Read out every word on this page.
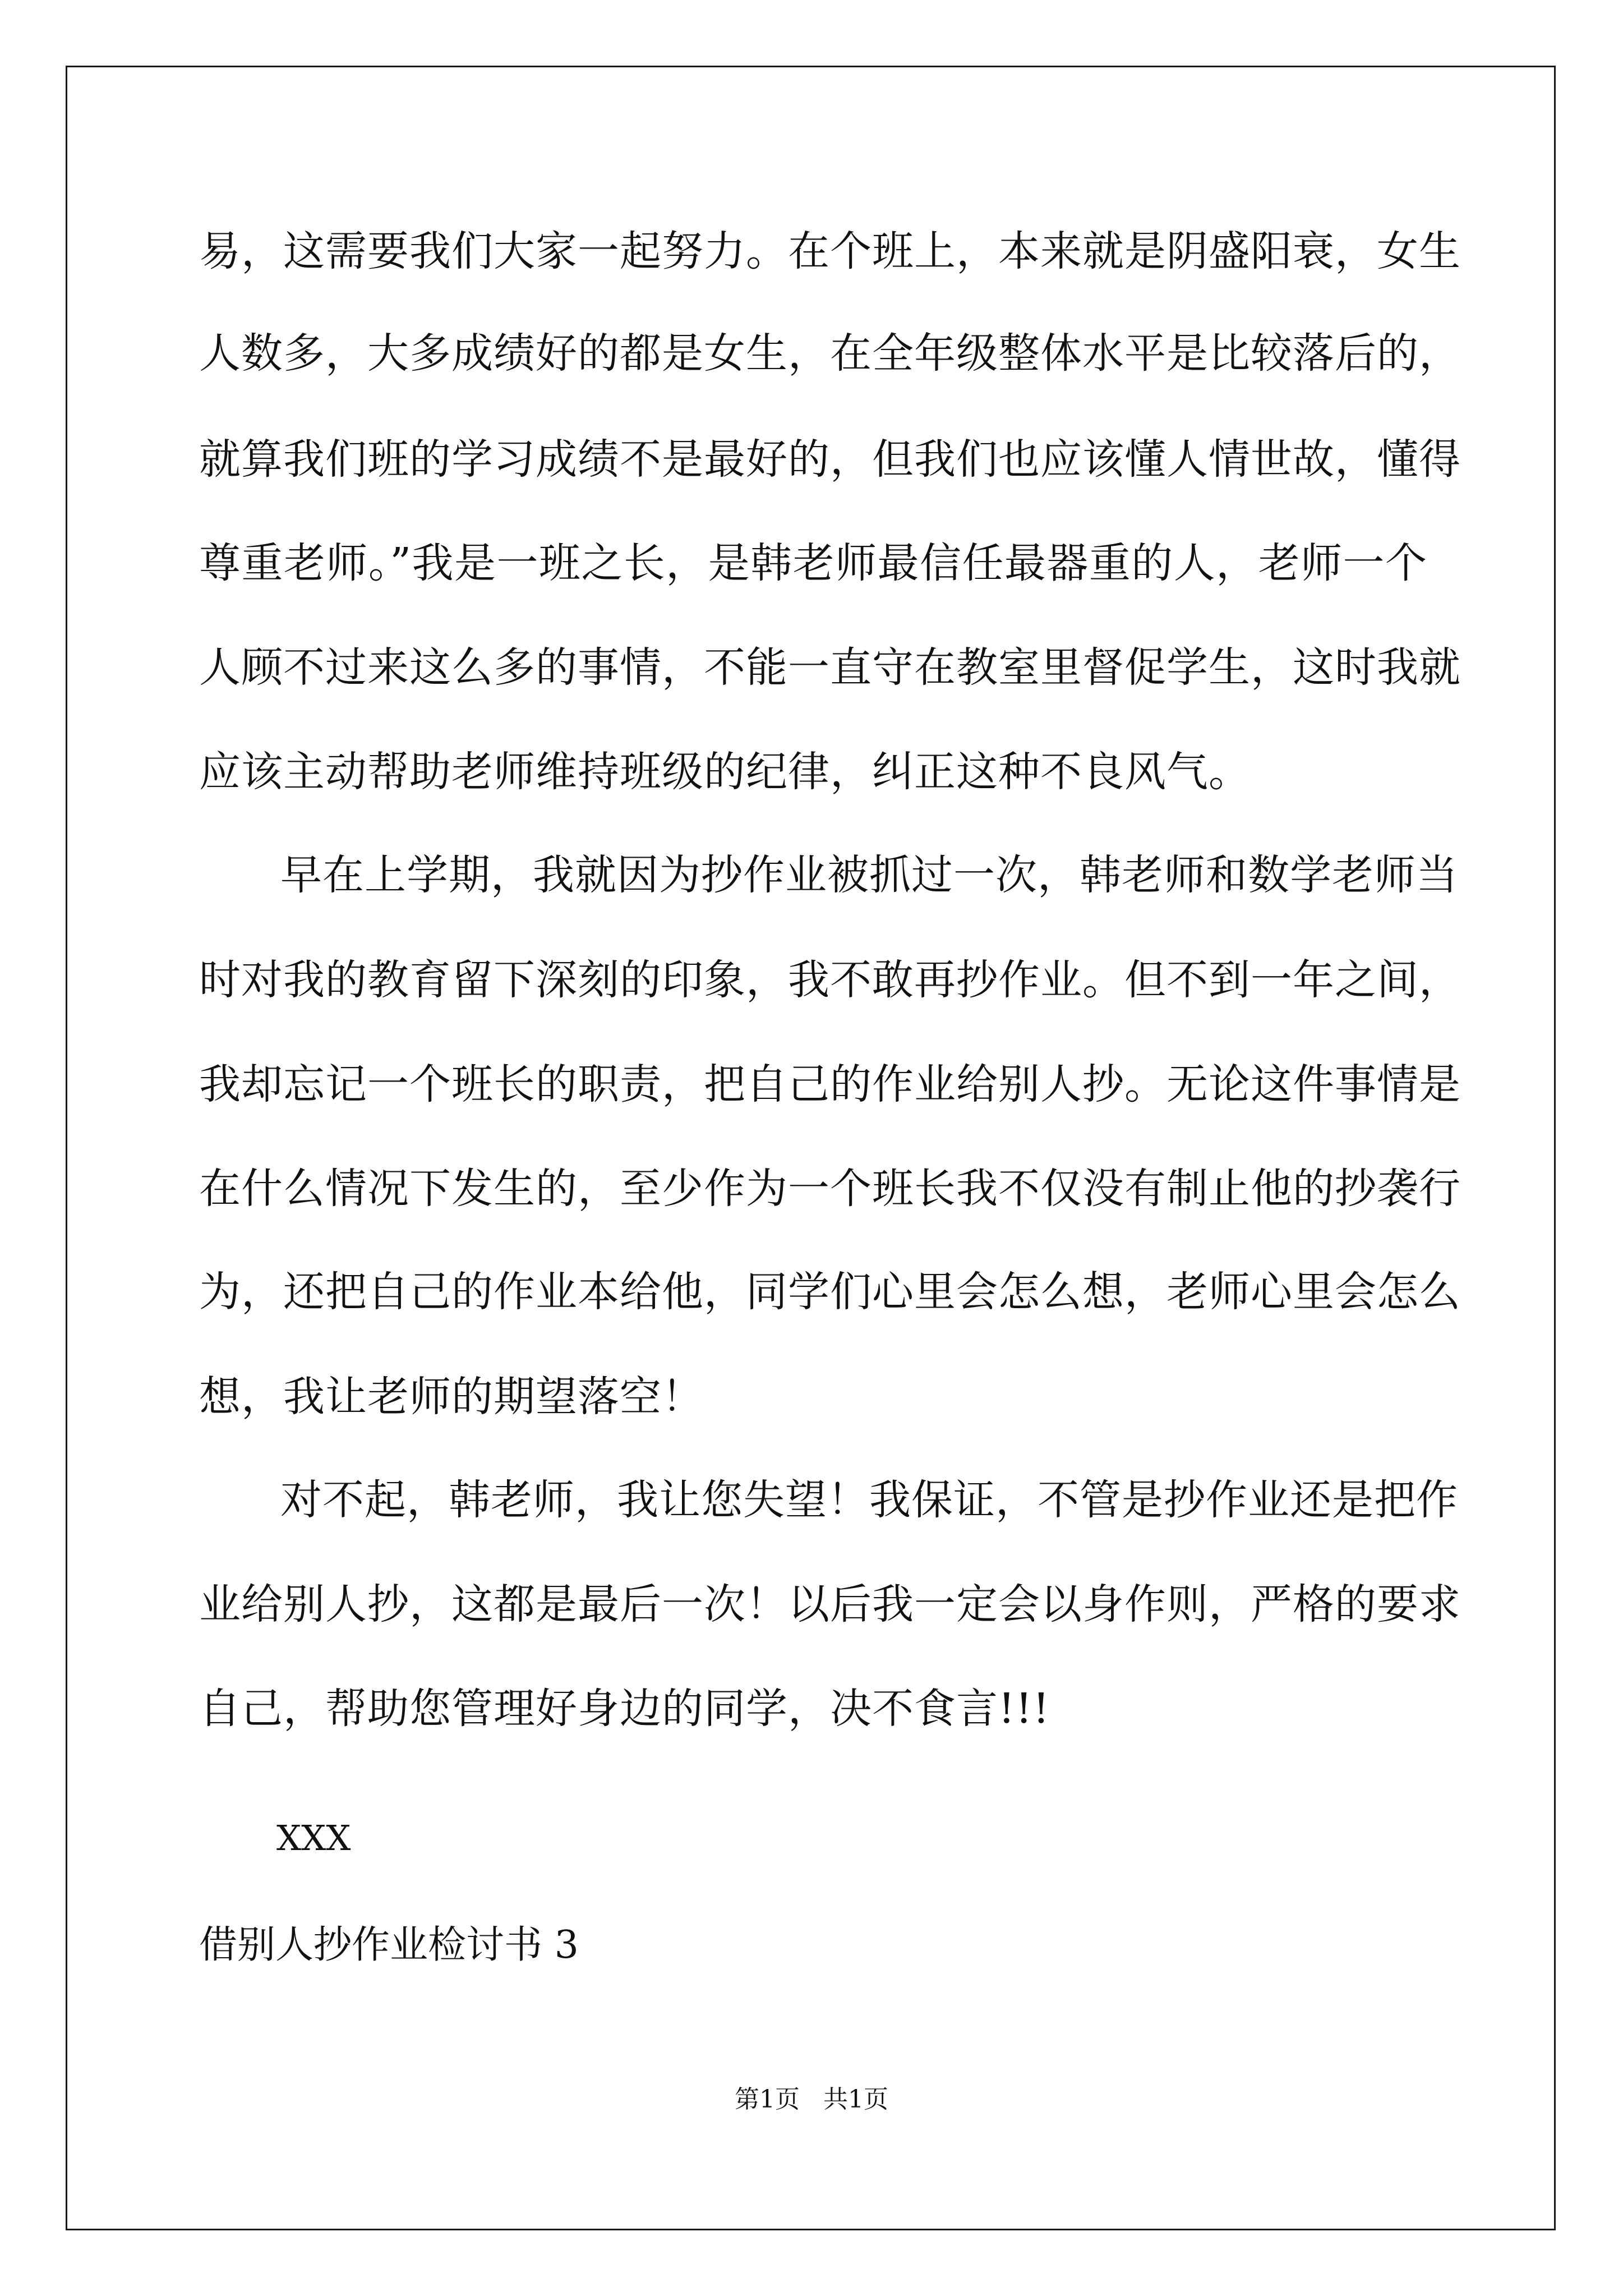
易，这需要我们大家一起努力。在个班上，本来就是阴盛阳衰，女生
人数多，大多成绩好的都是女生，在全年级整体水平是比较落后的，
就算我们班的学习成绩不是最好的，但我们也应该懂人情世故，懂得
尊重老师。”我是一班之长，是韩老师最信任最器重的人，老师一个
人顾不过来这么多的事情，不能一直守在教室里督促学生，这时我就
应该主动帮助老师维持班级的纪律，纠正这种不良风气。
早在上学期，我就因为抄作业被抓过一次，韩老师和数学老师当
时对我的教育留下深刻的印象，我不敢再抄作业。但不到一年之间，
我却忘记一个班长的职责，把自己的作业给别人抄。无论这件事情是
在什么情况下发生的，至少作为一个班长我不仅没有制止他的抄袭行
为，还把自己的作业本给他，同学们心里会怎么想，老师心里会怎么
想，我让老师的期望落空！
对不起，韩老师，我让您失望！我保证，不管是抄作业还是把作
业给别人抄，这都是最后一次！以后我一定会以身作则，严格的要求
自己，帮助您管理好身边的同学，决不食言!!!
XXX
借别人抄作业检讨书 3
第1页   共1页
